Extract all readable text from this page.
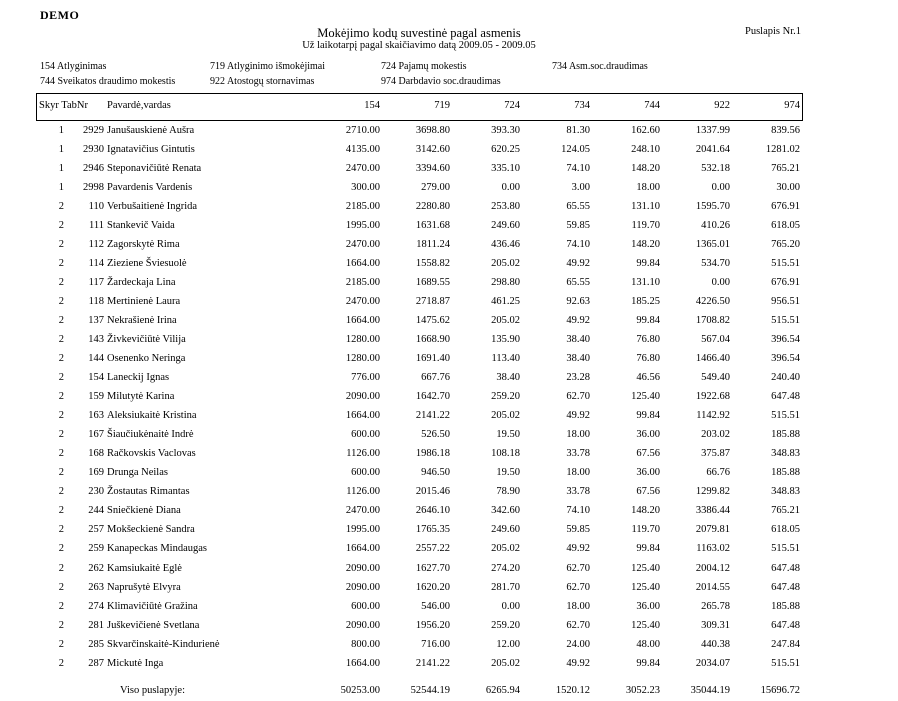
DEMO
Mokėjimo kodų suvestinė pagal asmenis
Už laikotarpį pagal skaičiavimo datą 2009.05 - 2009.05
Puslapis Nr.1
154 Atlyginimas	719 Atlyginimo išmokėjimai	724 Pajamų mokestis	734 Asm.soc.draudimas
744 Sveikatos draudimo mokestis	922 Atostogų stornavimas	974 Darbdavio soc.draudimas
Skyr TabNr Pavardė,vardas	154	719	724	734	744	922	974
1	2929 Janušauskienė Aušra	2710.00	3698.80	393.30	81.30	162.60	1337.99	839.56
1	2930 Ignatavičius Gintutis	4135.00	3142.60	620.25	124.05	248.10	2041.64	1281.02
1	2946 Steponavičiūtė Renata	2470.00	3394.60	335.10	74.10	148.20	532.18	765.21
1	2998 Pavardenis Vardenis	300.00	279.00	0.00	3.00	18.00	0.00	30.00
2	110 Verbušaitienė Ingrida	2185.00	2280.80	253.80	65.55	131.10	1595.70	676.91
2	111 Stankevič Vaida	1995.00	1631.68	249.60	59.85	119.70	410.26	618.05
2	112 Zagorskytė Rima	2470.00	1811.24	436.46	74.10	148.20	1365.01	765.20
2	114 Zieziene Šviesuolė	1664.00	1558.82	205.02	49.92	99.84	534.70	515.51
2	117 Žardeckaja Lina	2185.00	1689.55	298.80	65.55	131.10	0.00	676.91
2	118 Mertinienė Laura	2470.00	2718.87	461.25	92.63	185.25	4226.50	956.51
2	137 Nekrašienė Irina	1664.00	1475.62	205.02	49.92	99.84	1708.82	515.51
2	143 Živkevičiūtė Vilija	1280.00	1668.90	135.90	38.40	76.80	567.04	396.54
2	144 Osenenko Neringa	1280.00	1691.40	113.40	38.40	76.80	1466.40	396.54
2	154 Laneckij Ignas	776.00	667.76	38.40	23.28	46.56	549.40	240.40
2	159 Milutytė Karina	2090.00	1642.70	259.20	62.70	125.40	1922.68	647.48
2	163 Aleksiukaitė Kristina	1664.00	2141.22	205.02	49.92	99.84	1142.92	515.51
2	167 Šiaučiukėnaitė Indrė	600.00	526.50	19.50	18.00	36.00	203.02	185.88
2	168 Račkovskis Vaclovas	1126.00	1986.18	108.18	33.78	67.56	375.87	348.83
2	169 Drunga Neilas	600.00	946.50	19.50	18.00	36.00	66.76	185.88
2	230 Žostautas Rimantas	1126.00	2015.46	78.90	33.78	67.56	1299.82	348.83
2	244 Sniečkienė Diana	2470.00	2646.10	342.60	74.10	148.20	3386.44	765.21
2	257 Mokšeckienė Sandra	1995.00	1765.35	249.60	59.85	119.70	2079.81	618.05
2	259 Kanapeckas Mindaugas	1664.00	2557.22	205.02	49.92	99.84	1163.02	515.51
2	262 Kamsiukaitė Eglė	2090.00	1627.70	274.20	62.70	125.40	2004.12	647.48
2	263 Naprušytė Elvyra	2090.00	1620.20	281.70	62.70	125.40	2014.55	647.48
2	274 Klimavičiūtė Gražina	600.00	546.00	0.00	18.00	36.00	265.78	185.88
2	281 Juškevičienė Svetlana	2090.00	1956.20	259.20	62.70	125.40	309.31	647.48
2	285 Skvarčinskaitė-Kindurienė	800.00	716.00	12.00	24.00	48.00	440.38	247.84
2	287 Mickutė Inga	1664.00	2141.22	205.02	49.92	99.84	2034.07	515.51
Viso puslapyje:	50253.00	52544.19	6265.94	1520.12	3052.23	35044.19	15696.72
